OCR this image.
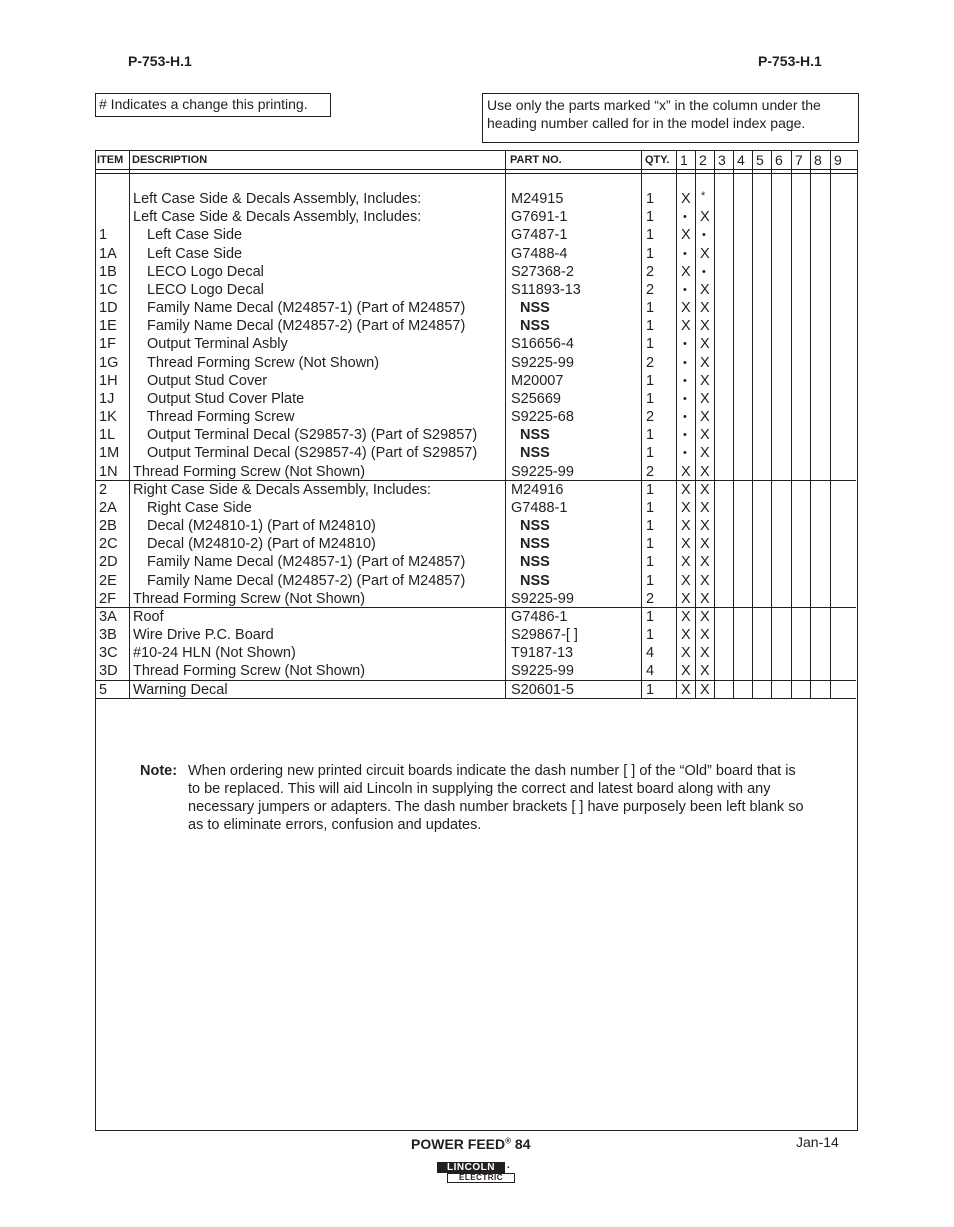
P-753-H.1	P-753-H.1
# Indicates a change this printing.	Use only the parts marked “x” in the column under the heading number called for in the model index page.
ITEM DESCRIPTION	PART NO.	QTY. 1 2 3 4 5 6 7 8 9
Left Case Side & Decals Assembly, Includes:	M24915	1 X *
Left Case Side & Decals Assembly, Includes:	G7691-1	1	• X
1	Left Case Side	G7487-1	1 X •
1A Left Case Side	G7488-4	1	• X
1B LECO Logo Decal	S27368-2	2 X •
1C LECO Logo Decal	S11893-13	2	• X
1D Family Name Decal (M24857-1) (Part of M24857)	NSS	1 X X
1E Family Name Decal (M24857-2) (Part of M24857)	NSS	1 X X
1F Output Terminal Asbly	S16656-4	1	• X
1G Thread Forming Screw (Not Shown)	S9225-99	2	• X
1H Output Stud Cover	M20007	1	• X
1J Output Stud Cover Plate	S25669	1	• X
1K Thread Forming Screw	S9225-68	2	• X
1L Output Terminal Decal (S29857-3) (Part of S29857)	NSS	1	• X
1M Output Terminal Decal (S29857-4) (Part of S29857)	NSS	1	• X
1N Thread Forming Screw (Not Shown)	S9225-99	2 X X
2 Right Case Side & Decals Assembly, Includes:	M24916	1 X X
2A Right Case Side	G7488-1	1 X X
2B Decal (M24810-1) (Part of M24810)	NSS	1 X X
2C Decal (M24810-2) (Part of M24810)	NSS	1 X X
2D Family Name Decal (M24857-1) (Part of M24857)	NSS	1 X X
2E Family Name Decal (M24857-2) (Part of M24857)	NSS	1 X X
2F Thread Forming Screw (Not Shown)	S9225-99	2 X X
3A Roof	G7486-1	1 X X
3B Wire Drive P.C. Board	S29867-[ ]	1 X X
3C #10-24 HLN (Not Shown)	T9187-13	4 X X
3D Thread Forming Screw (Not Shown)	S9225-99	4 X X
5 Warning Decal	S20601-5	1 X X
Note: When ordering new printed circuit boards indicate the dash number [ ] of the “Old” board that is to be replaced. This will aid Lincoln in supplying the correct and latest board along with any necessary jumpers or adapters. The dash number brackets [ ] have purposely been left blank so as to eliminate errors, confusion and updates.
POWER FEED® 84	Jan-14
LINCOLN	.
ELECTRIC
